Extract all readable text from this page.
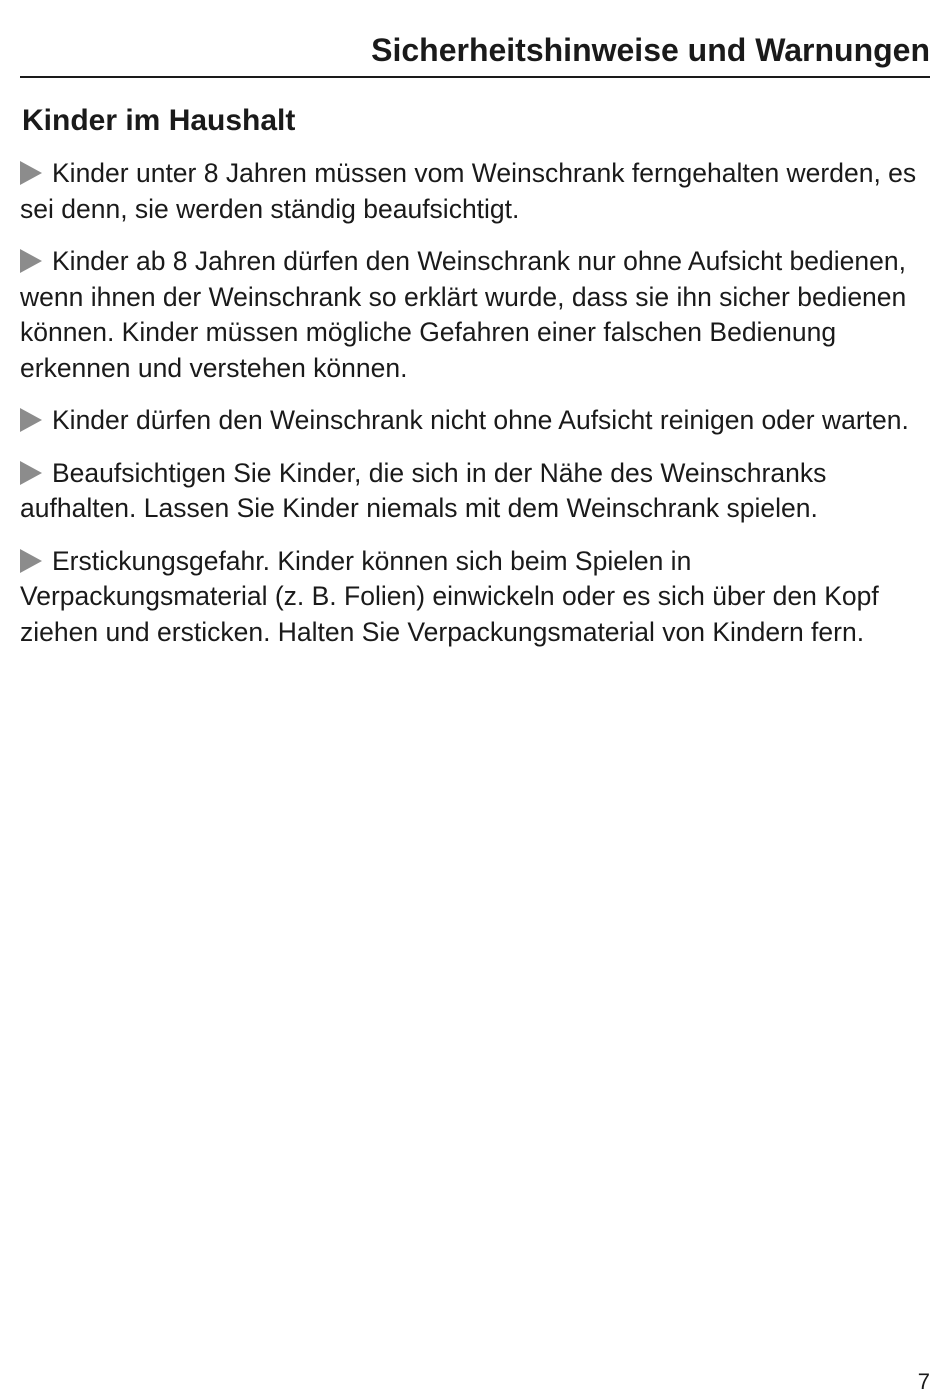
Sicherheitshinweise und Warnungen
Kinder im Haushalt
Kinder unter 8 Jahren müssen vom Weinschrank ferngehalten werden, es sei denn, sie werden ständig beaufsichtigt.
Kinder ab 8 Jahren dürfen den Weinschrank nur ohne Aufsicht bedienen, wenn ihnen der Weinschrank so erklärt wurde, dass sie ihn sicher bedienen können. Kinder müssen mögliche Gefahren einer falschen Bedienung erkennen und verstehen können.
Kinder dürfen den Weinschrank nicht ohne Aufsicht reinigen oder warten.
Beaufsichtigen Sie Kinder, die sich in der Nähe des Weinschranks aufhalten. Lassen Sie Kinder niemals mit dem Weinschrank spielen.
Erstickungsgefahr. Kinder können sich beim Spielen in Verpackungsmaterial (z. B. Folien) einwickeln oder es sich über den Kopf ziehen und ersticken. Halten Sie Verpackungsmaterial von Kindern fern.
7
